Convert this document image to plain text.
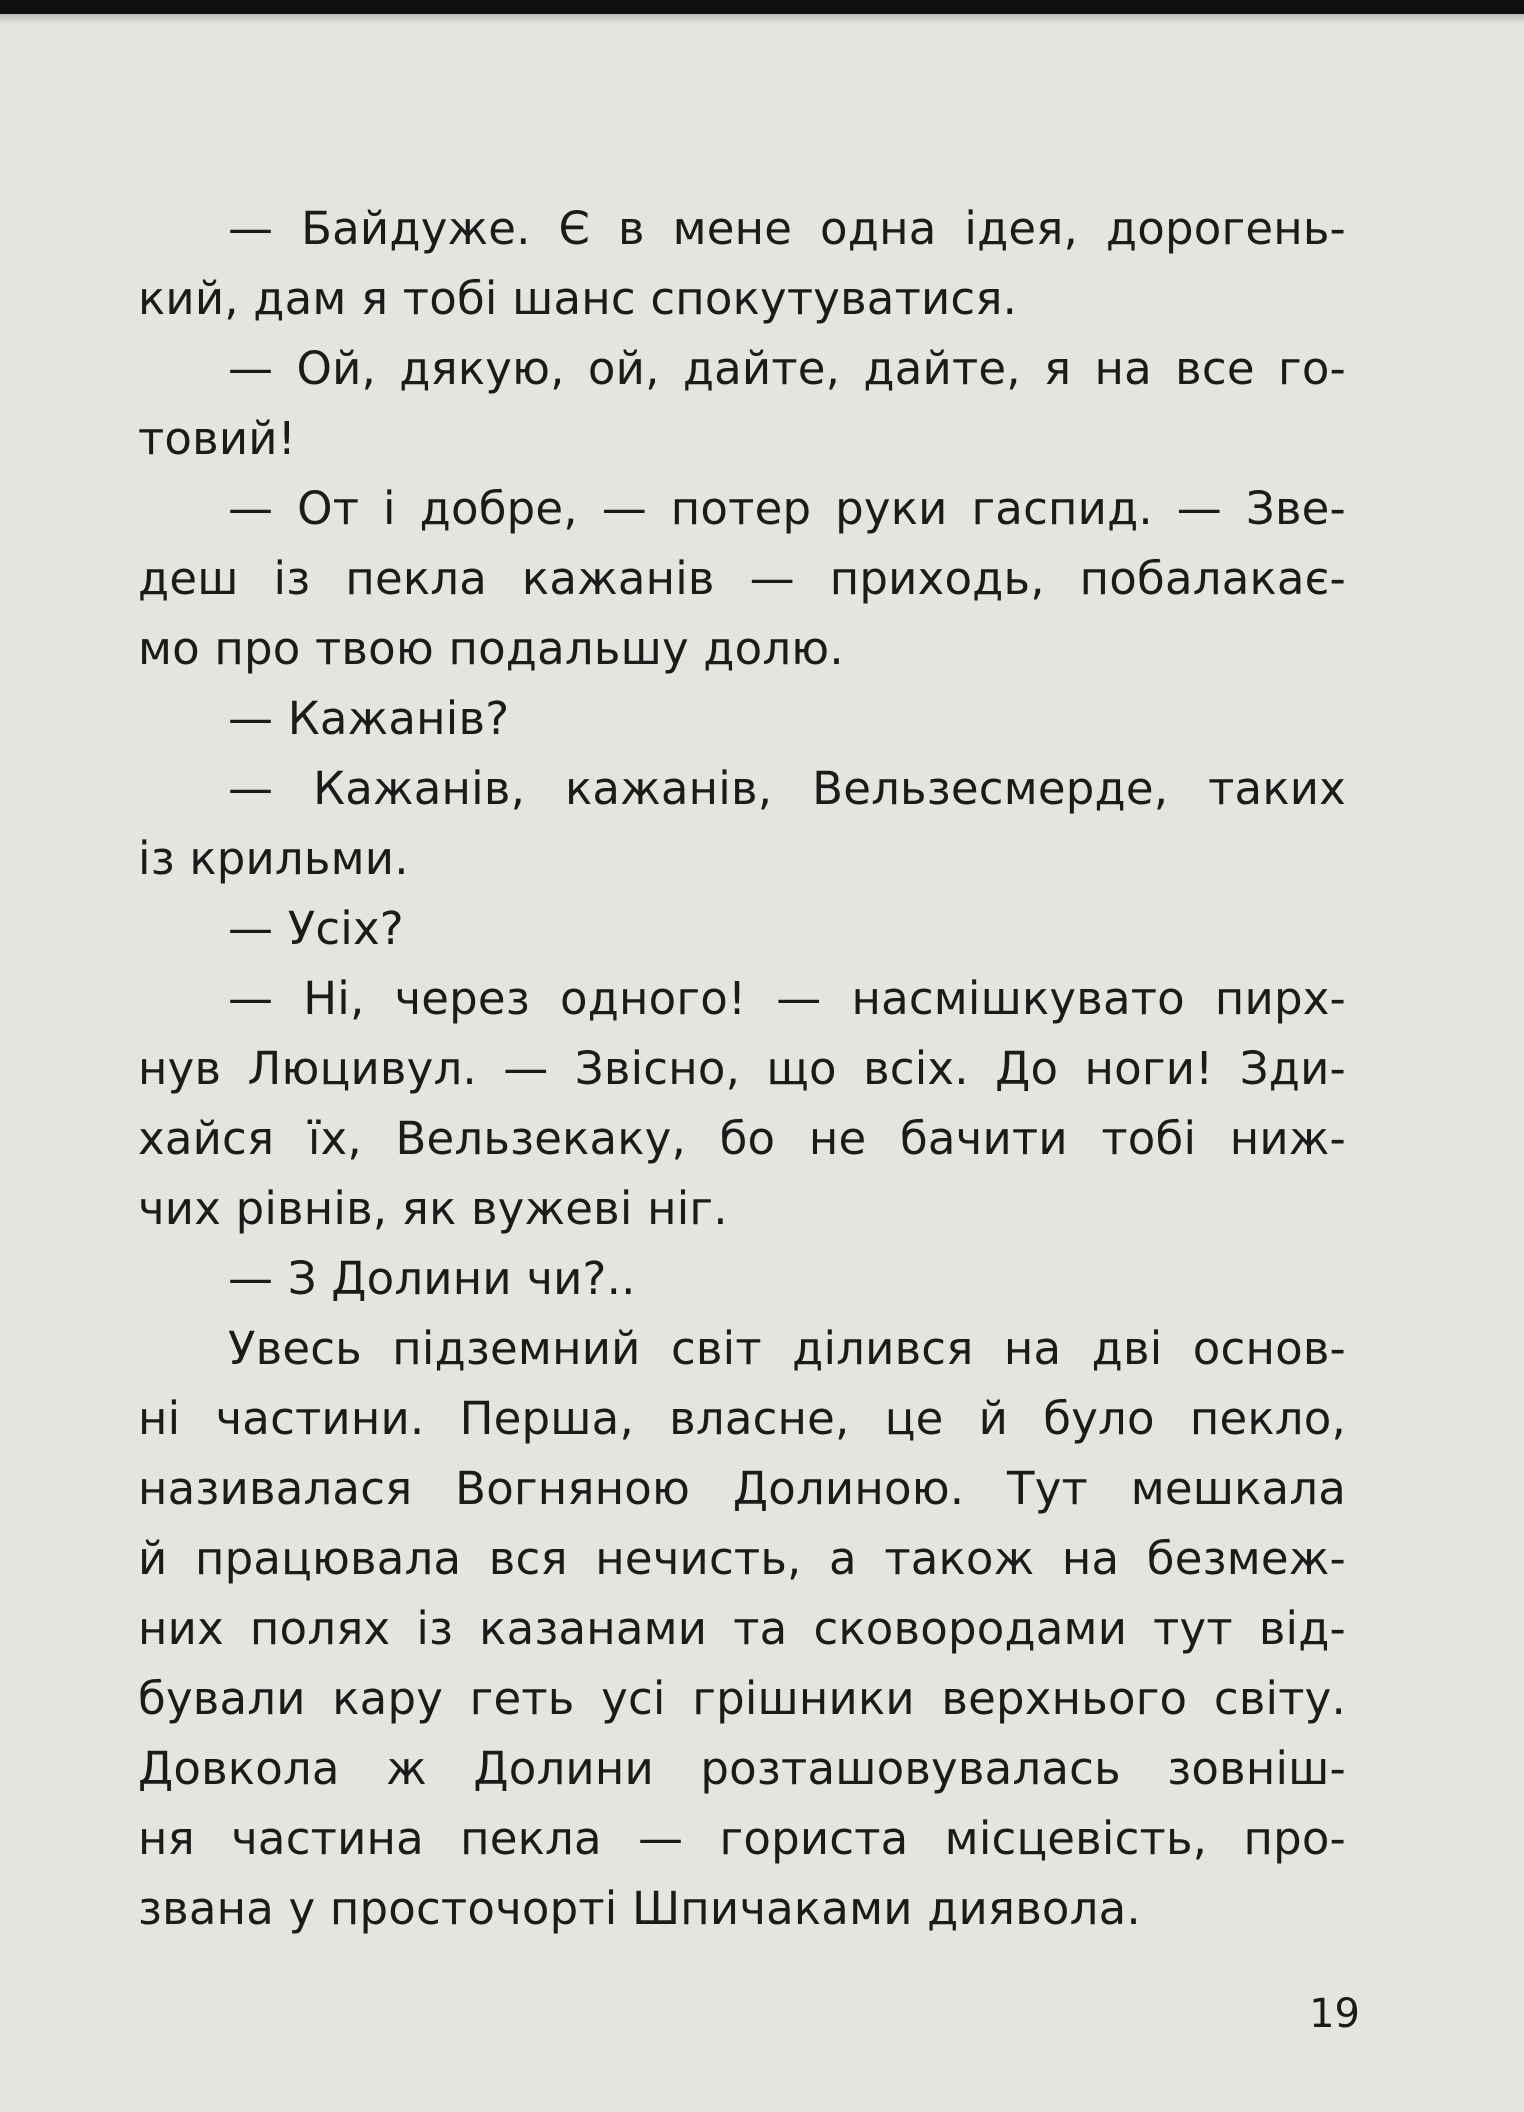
— Байдуже. Є в мене одна ідея, дорогень-
кий, дам я тобі шанс спокутуватися.
— Ой, дякую, ой, дайте, дайте, я на все го-
товий!
— От і добре, — потер руки гаспид. — Зве-
деш із пекла кажанів — приходь, побалакає-
мо про твою подальшу долю.
— Кажанів?
— Кажанів, кажанів, Вельзесмерде, таких
із крильми.
— Усіх?
— Ні, через одного! — насмішкувато пирх-
нув Люцивул. — Звісно, що всіх. До ноги! Зди-
хайся їх, Вельзекаку, бо не бачити тобі ниж-
чих рівнів, як вужеві ніг.
— З Долини чи?..
Увесь підземний світ ділився на дві основ-
ні частини. Перша, власне, це й було пекло,
називалася Вогняною Долиною. Тут мешкала
й працювала вся нечисть, а також на безмеж-
них полях із казанами та сковородами тут від-
бували кару геть усі грішники верхнього світу.
Довкола ж Долини розташовувалась зовніш-
ня частина пекла — гориста місцевість, про-
звана у просточорті Шпичаками диявола.
19
